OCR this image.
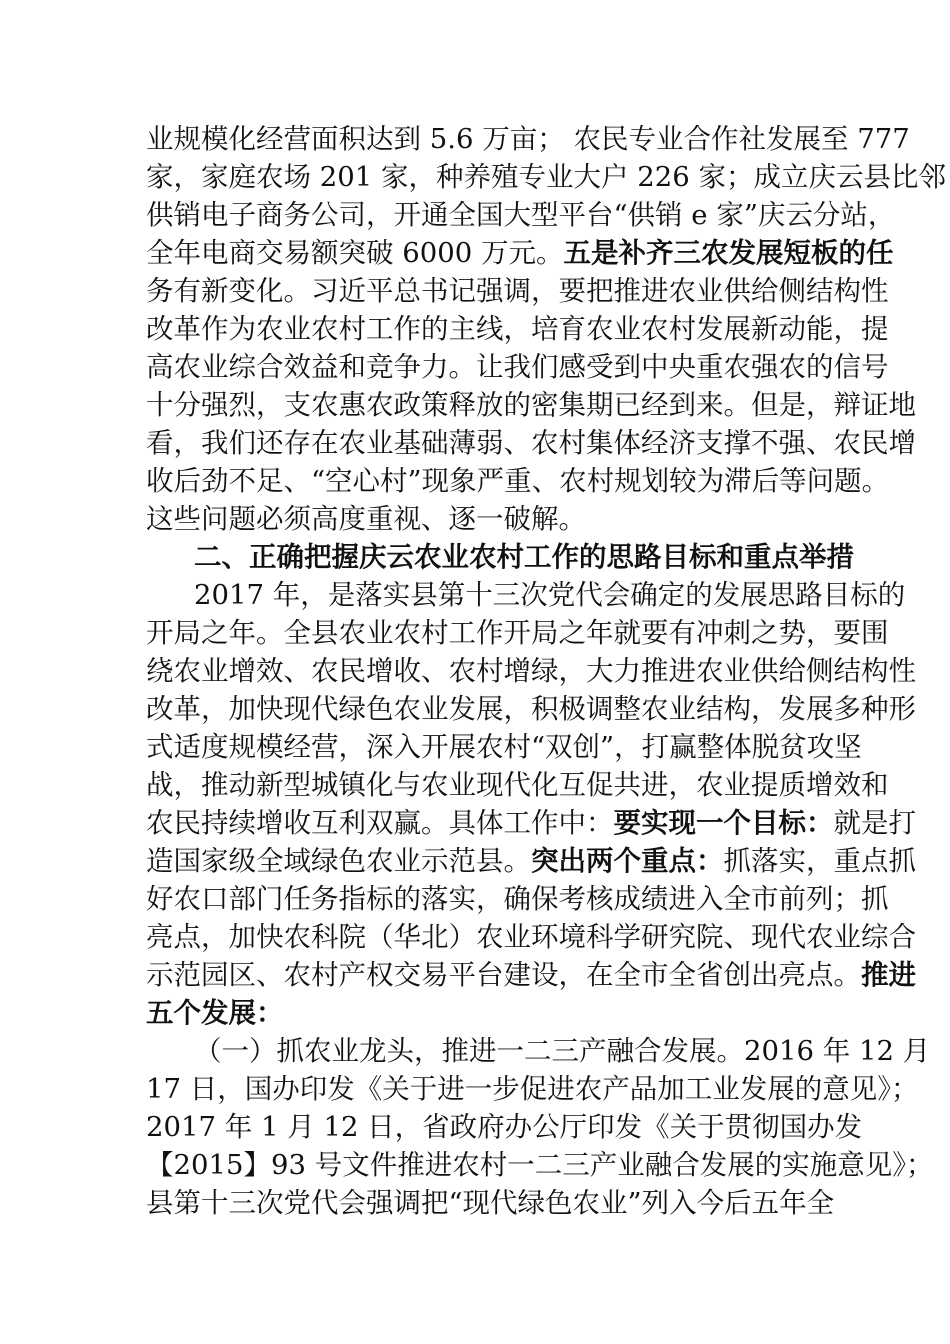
业规模化经营面积达到 5.6 万亩； 农民专业合作社发展至 777
家，家庭农场 201 家，种养殖专业大户 226 家；成立庆云县比邻
供销电子商务公司，开通全国大型平台“供销 e 家”庆云分站，
全年电商交易额突破 6000 万元。五是补齐三农发展短板的任
务有新变化。习近平总书记强调，要把推进农业供给侧结构性
改革作为农业农村工作的主线，培育农业农村发展新动能，提
高农业综合效益和竞争力。让我们感受到中央重农强农的信号
十分强烈，支农惠农政策释放的密集期已经到来。但是，辩证地
看，我们还存在农业基础薄弱、农村集体经济支撑不强、农民增
收后劲不足、“空心村”现象严重、农村规划较为滞后等问题。
这些问题必须高度重视、逐一破解。
二、正确把握庆云农业农村工作的思路目标和重点举措
2017 年，是落实县第十三次党代会确定的发展思路目标的
开局之年。全县农业农村工作开局之年就要有冲刺之势，要围
绕农业增效、农民增收、农村增绿，大力推进农业供给侧结构性
改革，加快现代绿色农业发展，积极调整农业结构，发展多种形
式适度规模经营，深入开展农村“双创”，打赢整体脱贫攻坚
战，推动新型城镇化与农业现代化互促共进，农业提质增效和
农民持续增收互利双赢。具体工作中：要实现一个目标：就是打
造国家级全域绿色农业示范县。突出两个重点：抓落实，重点抓
好农口部门任务指标的落实，确保考核成绩进入全市前列；抓
亮点，加快农科院（华北）农业环境科学研究院、现代农业综合
示范园区、农村产权交易平台建设，在全市全省创出亮点。推进
五个发展：
（一）抓农业龙头，推进一二三产融合发展。2016 年 12 月
17 日，国办印发《关于进一步促进农产品加工业发展的意见》；
2017 年 1 月 12 日，省政府办公厅印发《关于贯彻国办发
【2015】93 号文件推进农村一二三产业融合发展的实施意见》；
县第十三次党代会强调把“现代绿色农业”列入今后五年全
